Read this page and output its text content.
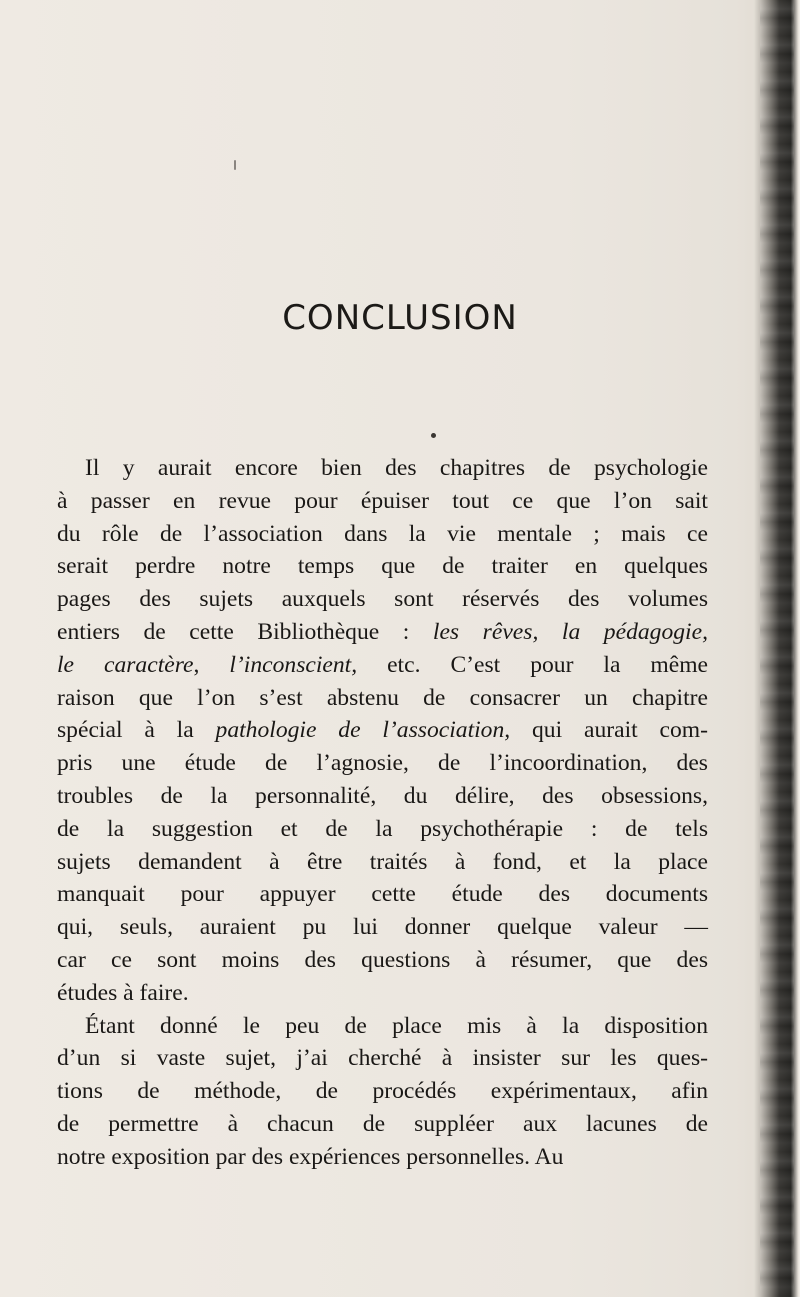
CONCLUSION
Il y aurait encore bien des chapitres de psychologie
à passer en revue pour épuiser tout ce que l’on sait
du rôle de l’association dans la vie mentale ; mais ce
serait perdre notre temps que de traiter en quelques
pages des sujets auxquels sont réservés des volumes
entiers de cette Bibliothèque : les rêves, la pédagogie,
le caractère, l’inconscient, etc. C’est pour la même
raison que l’on s’est abstenu de consacrer un chapitre
spécial à la pathologie de l’association, qui aurait com-
pris une étude de l’agnosie, de l’incoordination, des
troubles de la personnalité, du délire, des obsessions,
de la suggestion et de la psychothérapie : de tels
sujets demandent à être traités à fond, et la place
manquait pour appuyer cette étude des documents
qui, seuls, auraient pu lui donner quelque valeur —
car ce sont moins des questions à résumer, que des
études à faire.
Étant donné le peu de place mis à la disposition
d’un si vaste sujet, j’ai cherché à insister sur les ques-
tions de méthode, de procédés expérimentaux, afin
de permettre à chacun de suppléer aux lacunes de
notre exposition par des expériences personnelles. Au
